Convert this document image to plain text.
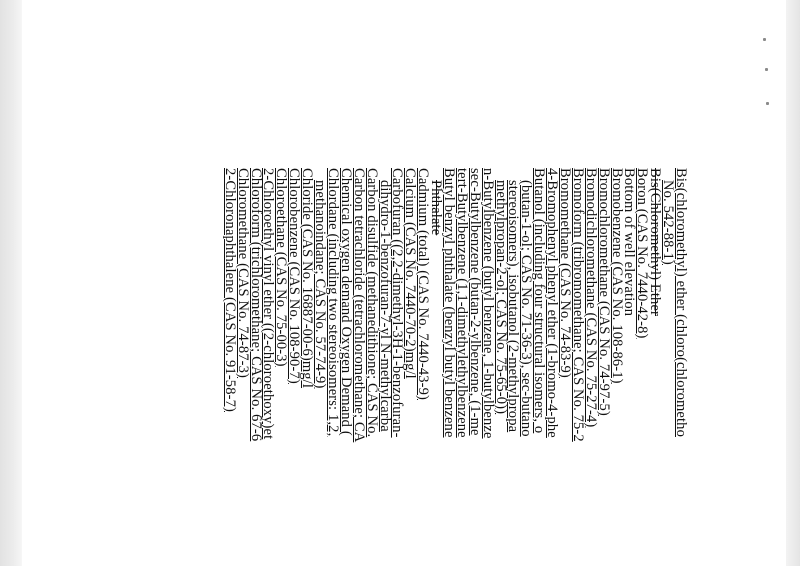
Bis(chloromethyl) ether (chloro(chlorometho
No. 542-88-1)
Bis(Chloromethyl) Ether
Boron (CAS No. 7440-42-8)
Bottom of well elevation
Bromobenzene (CAS No. 108-86-1)
Bromochloromethane (CAS No. 74-97-5)
Bromodichloromethane (CAS No. 75-27-4)
Bromoform (tribromomethane; CAS No. 75-2
Bromomethane (CAS No. 74-83-9)
4-Bromophenyl phenyl ether (1-bromo-4-phe
Butanol (including four structural isomers, o
(butan-1-ol; CAS No. 71-36-3), sec-butano
stereoisomers), isobutanol (2-methylpropa
methylpropan-2-ol; CAS No. 75-65-0))
n-Butylbenzene (butyl benzene, 1-butylbenze
sec-Butylbenzene (butan-2-ylbenzene, (1-me
tert-Butylbenzene (1,1-dimethylethylbenzene
Butyl benzyl phthalate (benzyl butyl benzene
Phthalate
Cadmium (total) (CAS No. 7440-43-9)
Calcium (CAS No. 7440-70-2)mg/l
Carbofuran ((2,2-dimethyl-3H-1-benzofuran-
dihydro-1-benzofuran-7-yl N-methylcarba
Carbon disulfide (methanedithione; CAS No.
Carbon tetrachloride (tetrachloromethane; CA
Chemical oxygen demand Oxygen Demand (
Chlordane (including two stereoisomers: 1,2,
methanoindane; CAS No. 57-74-9)
Chloride (CAS No. 16887-00-6)mg/l
Chlorobenzene (CAS No. 108-90-7)
Chloroethane (CAS No. 75-00-3)
2-Chloroethyl vinyl ether ((2-chloroethoxy)et
Chloroform (trichloromethane; CAS No. 67-6
Chloromethane (CAS No. 74-87-3)
2-Chloronaphthalene (CAS No. 91-58-7)
